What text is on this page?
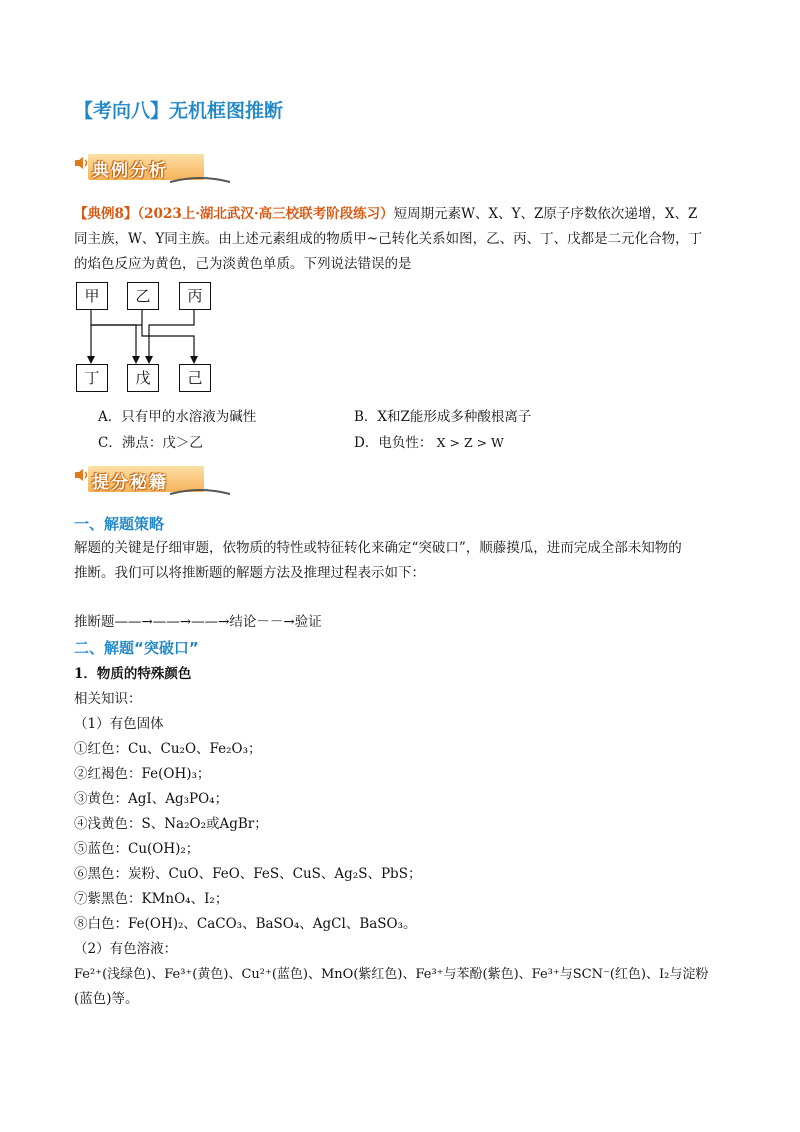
【考向八】无机框图推断
典例分析

【典例8】（2023上·湖北武汉·高三校联考阶段练习）短周期元素W、X、Y、Z原子序数依次递增，X、Z

同主族，W、Y同主族。由上述元素组成的物质甲~己转化关系如图，乙、丙、丁、戊都是二元化合物，丁

的焰色反应为黄色，己为淡黄色单质。下列说法错误的是

甲	乙	丙
丁	戊	己
A．只有甲的水溶液为碱性	B．X和Z能形成多种酸根离子
C．沸点：戊＞乙	D．电负性： X > Z > W
提分秘籍
一、解题策略

解题的关键是仔细审题，依物质的特性或特征转化来确定“突破口”，顺藤摸瓜，进而完成全部未知物的

推断。我们可以将推断题的解题方法及推理过程表示如下：

推断题——→——→——→结论－－→验证

二、解题“突破口”

1．物质的特殊颜色

相关知识：

（1）有色固体

①红色：Cu、Cu₂O、Fe₂O₃；

②红褐色：Fe(OH)₃；

③黄色：AgI、Ag₃PO₄；

④浅黄色：S、Na₂O₂或AgBr；

⑤蓝色：Cu(OH)₂；

⑥黑色：炭粉、CuO、FeO、FeS、CuS、Ag₂S、PbS；

⑦紫黑色：KMnO₄、I₂；

⑧白色：Fe(OH)₂、CaCO₃、BaSO₄、AgCl、BaSO₃。

（2）有色溶液：

Fe²⁺(浅绿色)、Fe³⁺(黄色)、Cu²⁺(蓝色)、MnO(紫红色)、Fe³⁺与苯酚(紫色)、Fe³⁺与SCN⁻(红色)、I₂与淀粉

(蓝色)等。
